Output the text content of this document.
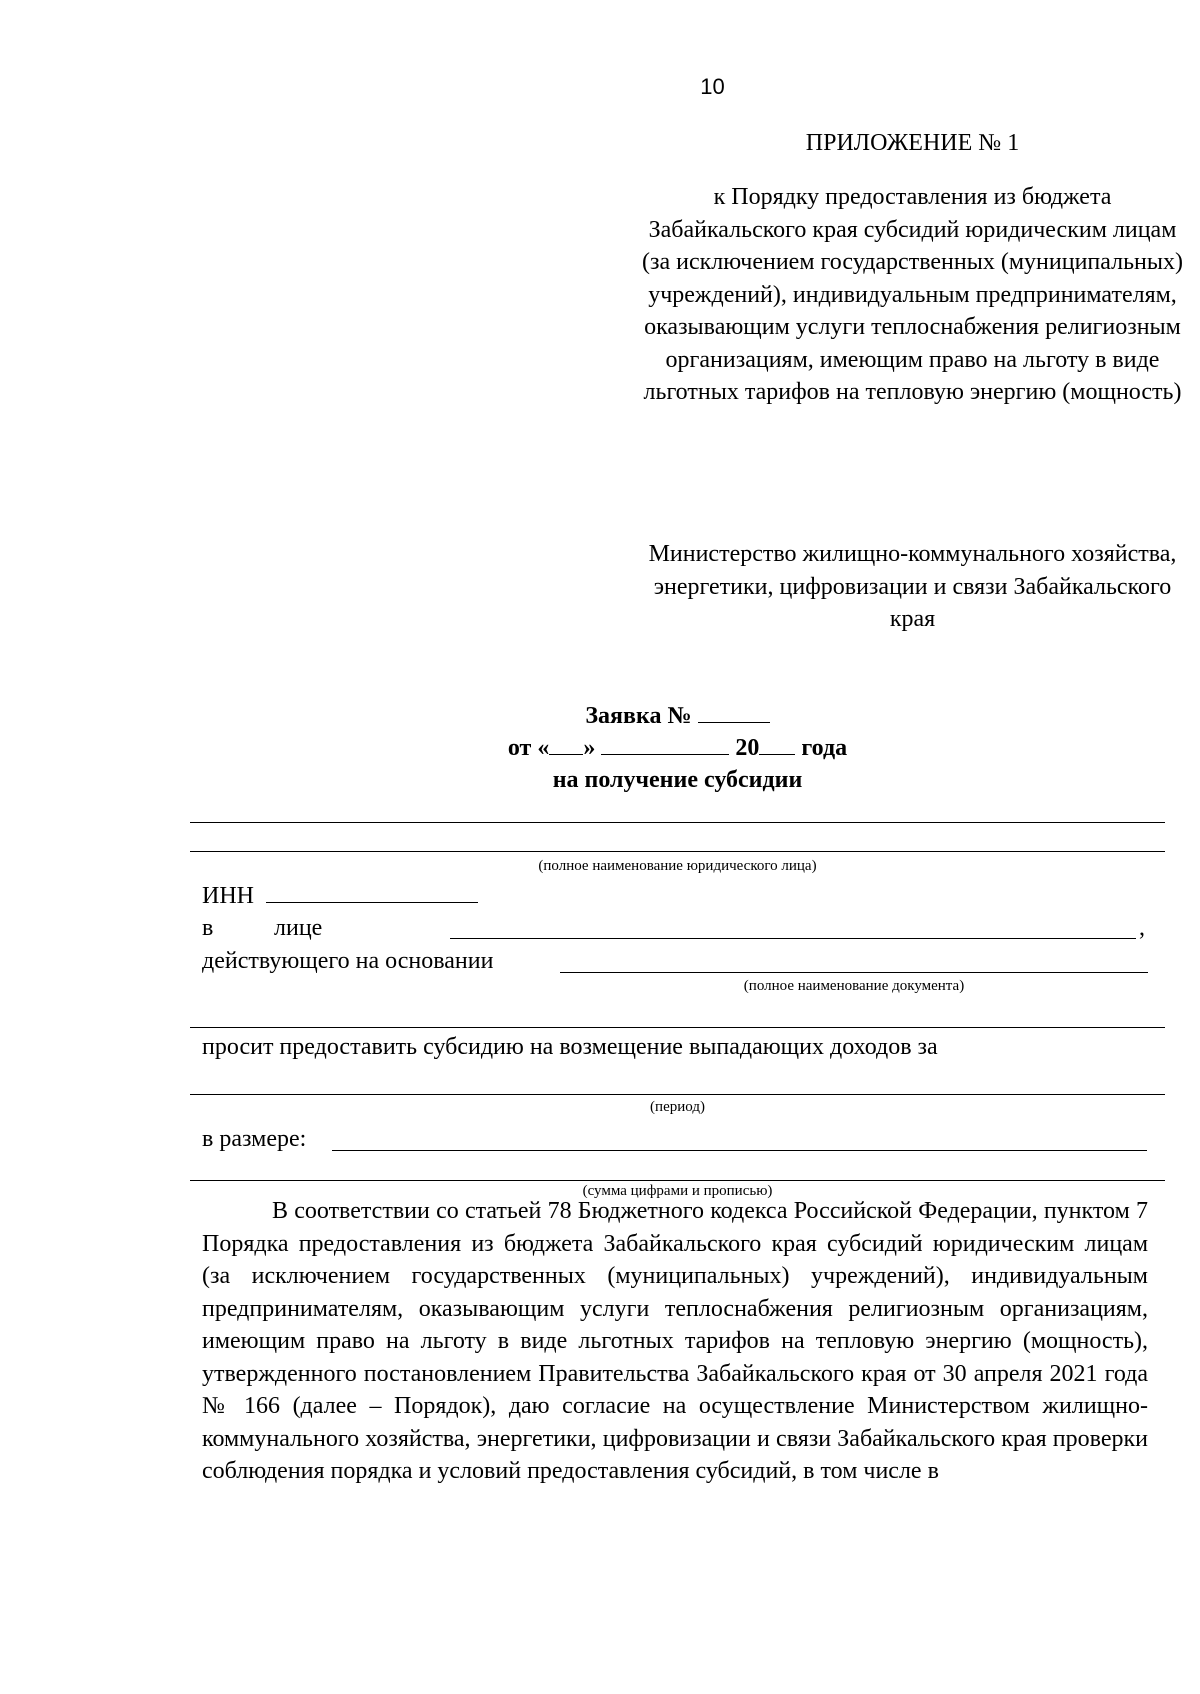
10
ПРИЛОЖЕНИЕ № 1
к Порядку предоставления из бюджета Забайкальского края субсидий юридическим лицам (за исключением государственных (муниципальных) учреждений), индивидуальным предпринимателям, оказывающим услуги теплоснабжения религиозным организациям, имеющим право на льготу в виде льготных тарифов на тепловую энергию (мощность)
Министерство жилищно-коммунального хозяйства, энергетики, цифровизации и связи Забайкальского края
Заявка №
от « »	20 года
на получение субсидии
(полное наименование юридического лица)
ИНН
в	лице	,
действующего на основании
(полное наименование документа)
просит предоставить субсидию на возмещение выпадающих доходов за
(период)
в размере:
(сумма цифрами и прописью)
В соответствии со статьей 78 Бюджетного кодекса Российской Федерации, пунктом 7 Порядка предоставления из бюджета Забайкальского края субсидий юридическим лицам (за исключением государственных (муниципальных) учреждений), индивидуальным предпринимателям, оказывающим услуги теплоснабжения религиозным организациям, имеющим право на льготу в виде льготных тарифов на тепловую энергию (мощность), утвержденного постановлением Правительства Забайкальского края от 30 апреля 2021 года № 166 (далее – Порядок), даю согласие на осуществление Министерством жилищно-коммунального хозяйства, энергетики, цифровизации и связи Забайкальского края проверки соблюдения порядка и условий предоставления субсидий, в том числе в
